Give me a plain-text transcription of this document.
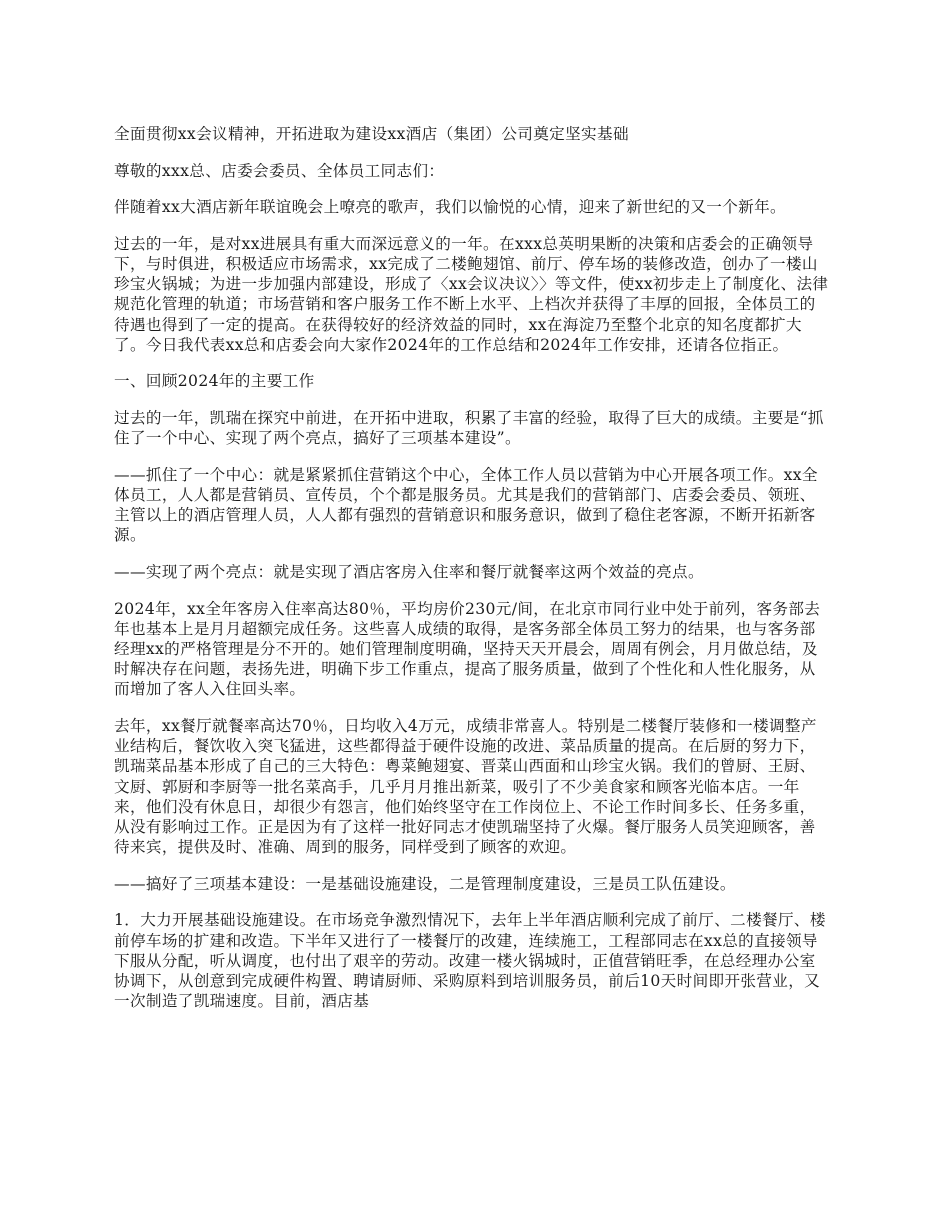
全面贯彻xx会议精神，开拓进取为建设xx酒店（集团）公司奠定坚实基础

尊敬的xxx总、店委会委员、全体员工同志们：

伴随着xx大酒店新年联谊晚会上嘹亮的歌声，我们以愉悦的心情，迎来了新世纪的又一个新年。

过去的一年，是对xx进展具有重大而深远意义的一年。在xxx总英明果断的决策和店委会的正确领导下，与时俱进，积极适应市场需求，xx完成了二楼鲍翅馆、前厅、停车场的装修改造，创办了一楼山珍宝火锅城；为进一步加强内部建设，形成了〈xx会议决议〉〉等文件，使xx初步走上了制度化、法律规范化管理的轨道；市场营销和客户服务工作不断上水平、上档次并获得了丰厚的回报，全体员工的待遇也得到了一定的提高。在获得较好的经济效益的同时，xx在海淀乃至整个北京的知名度都扩大了。今日我代表xx总和店委会向大家作2024年的工作总结和2024年工作安排，还请各位指正。

一、回顾2024年的主要工作

过去的一年，凯瑞在探究中前进，在开拓中进取，积累了丰富的经验，取得了巨大的成绩。主要是“抓住了一个中心、实现了两个亮点，搞好了三项基本建设”。

——抓住了一个中心：就是紧紧抓住营销这个中心，全体工作人员以营销为中心开展各项工作。xx全体员工，人人都是营销员、宣传员，个个都是服务员。尤其是我们的营销部门、店委会委员、领班、主管以上的酒店管理人员，人人都有强烈的营销意识和服务意识，做到了稳住老客源，不断开拓新客源。

——实现了两个亮点：就是实现了酒店客房入住率和餐厅就餐率这两个效益的亮点。

2024年，xx全年客房入住率高达80％，平均房价230元/间，在北京市同行业中处于前列，客务部去年也基本上是月月超额完成任务。这些喜人成绩的取得，是客务部全体员工努力的结果，也与客务部经理xx的严格管理是分不开的。她们管理制度明确，坚持天天开晨会，周周有例会，月月做总结，及时解决存在问题，表扬先进，明确下步工作重点，提高了服务质量，做到了个性化和人性化服务，从而增加了客人入住回头率。

去年，xx餐厅就餐率高达70％，日均收入4万元，成绩非常喜人。特别是二楼餐厅装修和一楼调整产业结构后，餐饮收入突飞猛进，这些都得益于硬件设施的改进、菜品质量的提高。在后厨的努力下，凯瑞菜品基本形成了自己的三大特色：粤菜鲍翅宴、晋菜山西面和山珍宝火锅。我们的曾厨、王厨、文厨、郭厨和李厨等一批名菜高手，几乎月月推出新菜，吸引了不少美食家和顾客光临本店。一年来，他们没有休息日，却很少有怨言，他们始终坚守在工作岗位上、不论工作时间多长、任务多重，从没有影响过工作。正是因为有了这样一批好同志才使凯瑞坚持了火爆。餐厅服务人员笑迎顾客，善待来宾，提供及时、准确、周到的服务，同样受到了顾客的欢迎。

——搞好了三项基本建设：一是基础设施建设，二是管理制度建设，三是员工队伍建设。

1．大力开展基础设施建设。在市场竞争激烈情况下，去年上半年酒店顺利完成了前厅、二楼餐厅、楼前停车场的扩建和改造。下半年又进行了一楼餐厅的改建，连续施工，工程部同志在xx总的直接领导下服从分配，听从调度，也付出了艰辛的劳动。改建一楼火锅城时，正值营销旺季，在总经理办公室协调下，从创意到完成硬件构置、聘请厨师、采购原料到培训服务员，前后10天时间即开张营业，又一次制造了凯瑞速度。目前，酒店基
